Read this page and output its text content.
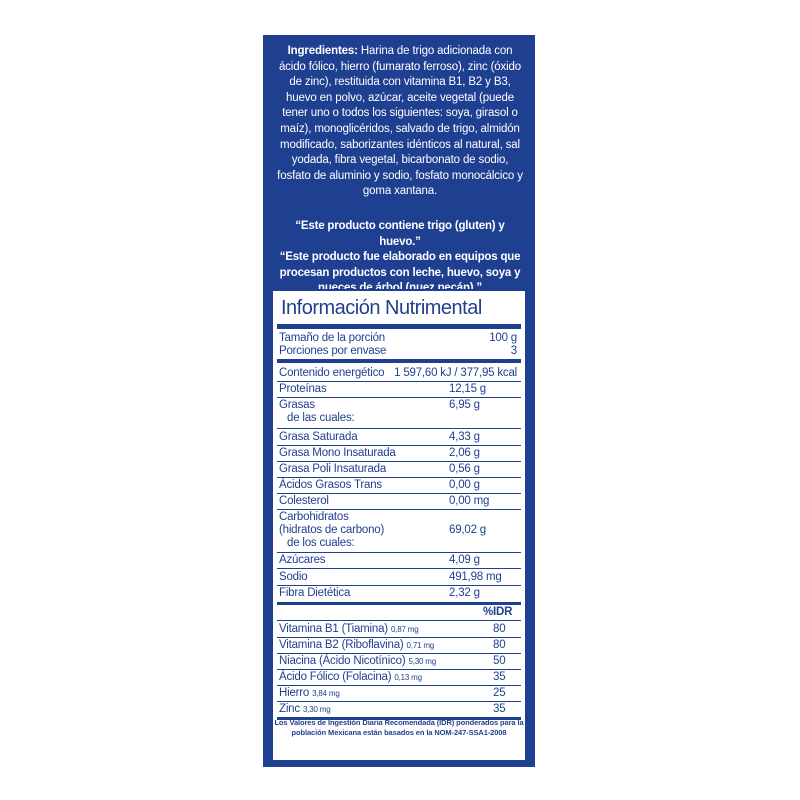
Ingredientes: Harina de trigo adicionada con ácido fólico, hierro (fumarato ferroso), zinc (óxido de zinc), restituida con vitamina B1, B2 y B3, huevo en polvo, azúcar, aceite vegetal (puede tener uno o todos los siguientes: soya, girasol o maíz), monoglicéridos, salvado de trigo, almidón modificado, saborizantes idénticos al natural, sal yodada, fibra vegetal, bicarbonato de sodio, fosfato de aluminio y sodio, fosfato monocálcico y goma xantana.
“Este producto contiene trigo (gluten) y huevo.”
“Este producto fue elaborado en equipos que procesan productos con leche, huevo, soya y
Información Nutrimental
Tamaño de la porción	100 g
Porciones por envase	3
Contenido energético 1 597,60 kJ / 377,95 kcal
Proteínas	12,15 g
Grasas	6,95 g
de las cuales:
Grasa Saturada	4,33 g
Grasa Mono Insaturada	2,06 g
Grasa Poli Insaturada	0,56 g
Ácidos Grasos Trans	0,00 g
Colesterol	0,00 mg
Carbohidratos
(hidratos de carbono)	69,02 g
de los cuales:
Azúcares	4,09 g
Sodio	491,98 mg
Fibra Dietética	2,32 g
%IDR
Vitamina B1 (Tiamina) 0,87 mg	80
Vitamina B2 (Riboflavina) 0,71 mg	80
Niacina (Ácido Nicotínico) 5,30 mg	50
Ácido Fólico (Folacina) 0,13 mg	35
Hierro 3,84 mg	25
Zinc 3,30 mg	35
Los Valores de Ingestión Diaria Recomendada (IDR) ponderados para la población Mexicana están basados en la NOM-247-SSA1-2008
